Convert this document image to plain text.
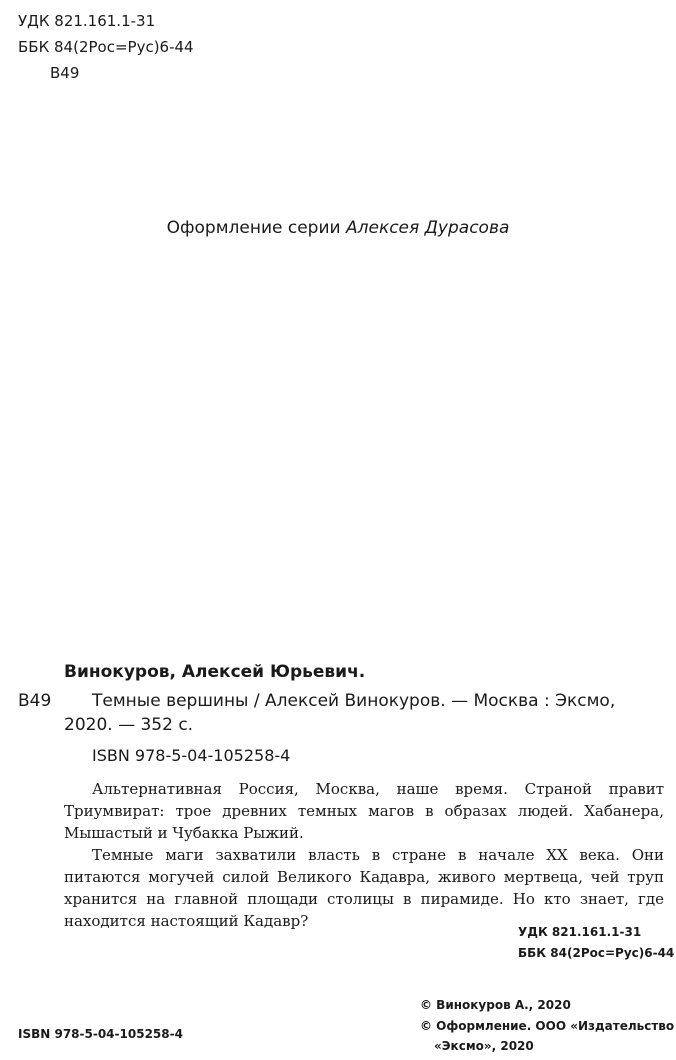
УДК 821.161.1-31
ББК 84(2Рос=Рус)6-44
В49
Оформление серии Алексея Дурасова
Винокуров, Алексей Юрьевич.
В49 Темные вершины / Алексей Винокуров. — Москва : Эксмо,
2020. — 352 с.
ISBN 978-5-04-105258-4

Альтернативная Россия, Москва, наше время. Страной правит Триумвират: трое древних темных магов в образах людей. Хабанера, Мышастый и Чубакка Рыжий.

Темные маги захватили власть в стране в начале XX века. Они питаются могучей силой Великого Кадавра, живого мертвеца, чей труп хранится на главной площади столицы в пирамиде. Но кто знает, где находится настоящий Кадавр?

УДК 821.161.1-31
ББК 84(2Рос=Рус)6-44
© Винокуров А., 2020
© Оформление. ООО «Издательство
«Эксмо», 2020
ISBN 978-5-04-105258-4
